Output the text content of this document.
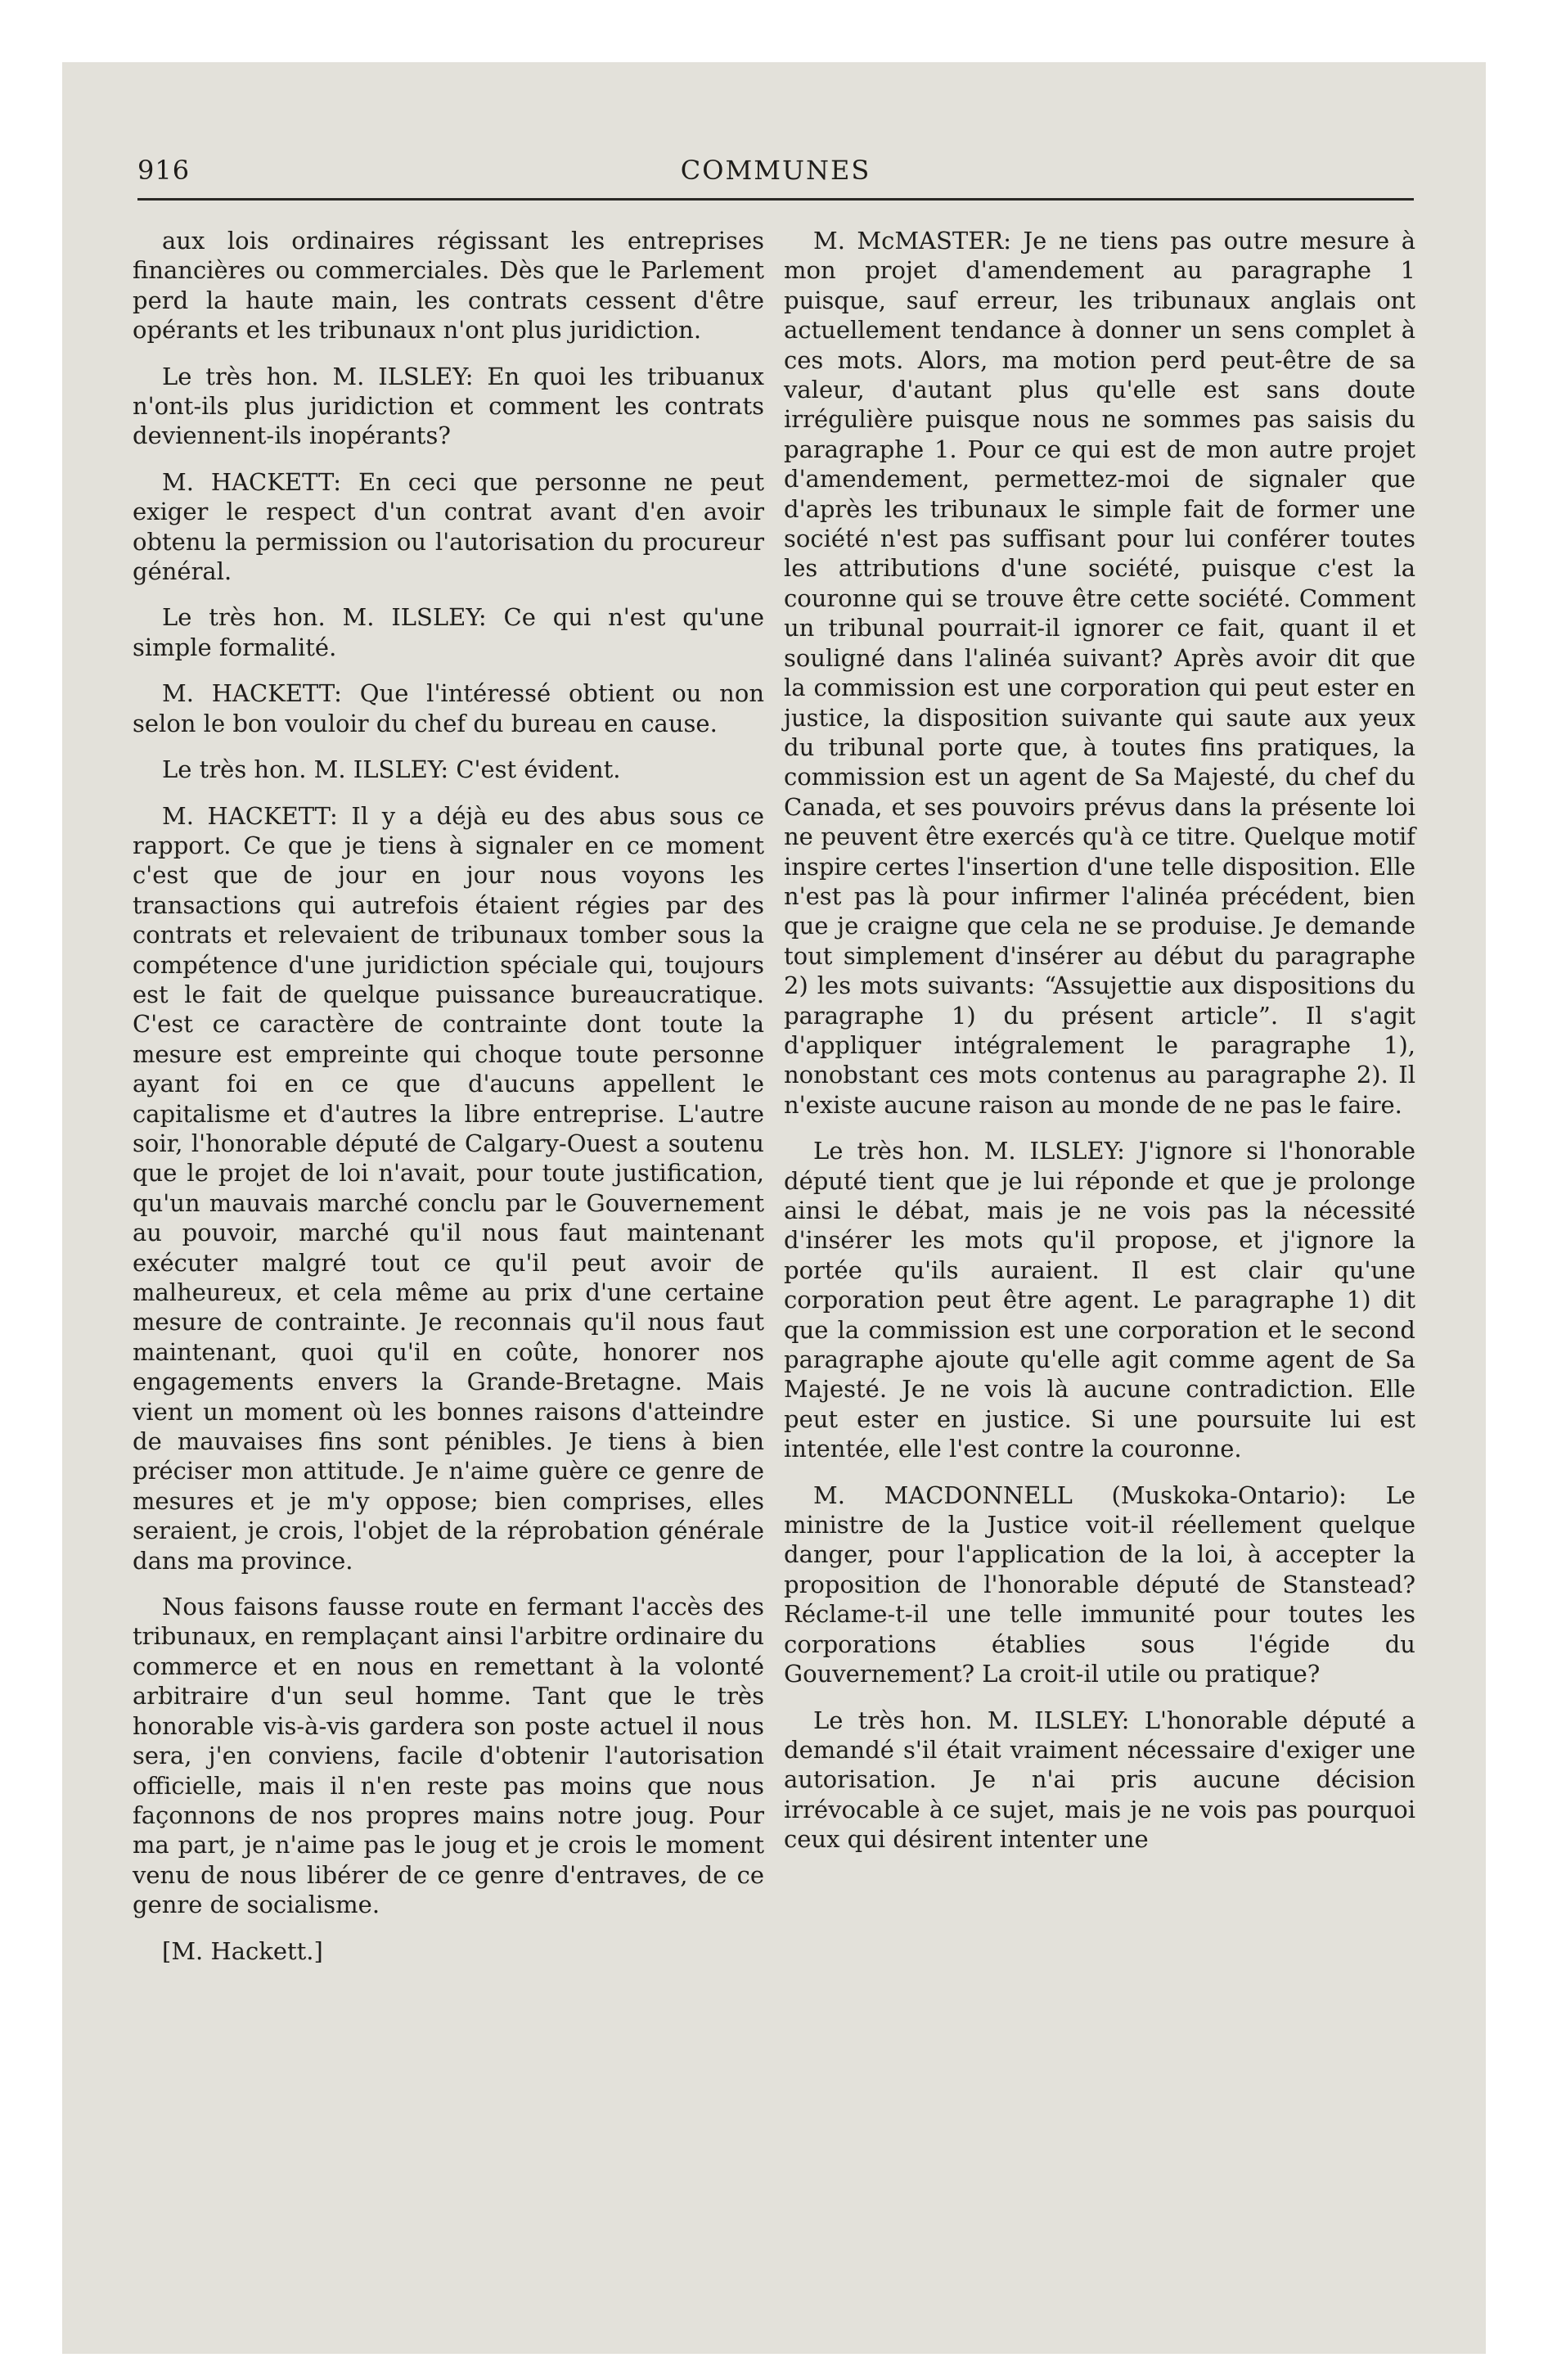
916	COMMUNES

aux lois ordinaires régissant les entreprises financières ou commerciales. Dès que le Parlement perd la haute main, les contrats cessent d'être opérants et les tribunaux n'ont plus juridiction.

Le très hon. M. ILSLEY: En quoi les tribuanux n'ont-ils plus juridiction et comment les contrats deviennent-ils inopérants?

M. HACKETT: En ceci que personne ne peut exiger le respect d'un contrat avant d'en avoir obtenu la permission ou l'autorisation du procureur général.

Le très hon. M. ILSLEY: Ce qui n'est qu'une simple formalité.

M. HACKETT: Que l'intéressé obtient ou non selon le bon vouloir du chef du bureau en cause.

Le très hon. M. ILSLEY: C'est évident.

M. HACKETT: Il y a déjà eu des abus sous ce rapport. Ce que je tiens à signaler en ce moment c'est que de jour en jour nous voyons les transactions qui autrefois étaient régies par des contrats et relevaient de tribunaux tomber sous la compétence d'une juridiction spéciale qui, toujours est le fait de quelque puissance bureaucratique. C'est ce caractère de contrainte dont toute la mesure est empreinte qui choque toute personne ayant foi en ce que d'aucuns appellent le capitalisme et d'autres la libre entreprise. L'autre soir, l'honorable député de Calgary-Ouest a soutenu que le projet de loi n'avait, pour toute justification, qu'un mauvais marché conclu par le Gouvernement au pouvoir, marché qu'il nous faut maintenant exécuter malgré tout ce qu'il peut avoir de malheureux, et cela même au prix d'une certaine mesure de contrainte. Je reconnais qu'il nous faut maintenant, quoi qu'il en coûte, honorer nos engagements envers la Grande-Bretagne. Mais vient un moment où les bonnes raisons d'atteindre de mauvaises fins sont pénibles. Je tiens à bien préciser mon attitude. Je n'aime guère ce genre de mesures et je m'y oppose; bien comprises, elles seraient, je crois, l'objet de la réprobation générale dans ma province.

Nous faisons fausse route en fermant l'accès des tribunaux, en remplaçant ainsi l'arbitre ordinaire du commerce et en nous en remettant à la volonté arbitraire d'un seul homme. Tant que le très honorable vis-à-vis gardera son poste actuel il nous sera, j'en conviens, facile d'obtenir l'autorisation officielle, mais il n'en reste pas moins que nous façonnons de nos propres mains notre joug. Pour ma part, je n'aime pas le joug et je crois le moment venu de nous libérer de ce genre d'entraves, de ce genre de socialisme.

[M. Hackett.]

M. McMASTER: Je ne tiens pas outre mesure à mon projet d'amendement au paragraphe 1 puisque, sauf erreur, les tribunaux anglais ont actuellement tendance à donner un sens complet à ces mots. Alors, ma motion perd peut-être de sa valeur, d'autant plus qu'elle est sans doute irrégulière puisque nous ne sommes pas saisis du paragraphe 1. Pour ce qui est de mon autre projet d'amendement, permettez-moi de signaler que d'après les tribunaux le simple fait de former une société n'est pas suffisant pour lui conférer toutes les attributions d'une société, puisque c'est la couronne qui se trouve être cette société. Comment un tribunal pourrait-il ignorer ce fait, quant il et souligné dans l'alinéa suivant? Après avoir dit que la commission est une corporation qui peut ester en justice, la disposition suivante qui saute aux yeux du tribunal porte que, à toutes fins pratiques, la commission est un agent de Sa Majesté, du chef du Canada, et ses pouvoirs prévus dans la présente loi ne peuvent être exercés qu'à ce titre. Quelque motif inspire certes l'insertion d'une telle disposition. Elle n'est pas là pour infirmer l'alinéa précédent, bien que je craigne que cela ne se produise. Je demande tout simplement d'insérer au début du paragraphe 2) les mots suivants: “Assujettie aux dispositions du paragraphe 1) du présent article”. Il s'agit d'appliquer intégralement le paragraphe 1), nonobstant ces mots contenus au paragraphe 2). Il n'existe aucune raison au monde de ne pas le faire.

Le très hon. M. ILSLEY: J'ignore si l'honorable député tient que je lui réponde et que je prolonge ainsi le débat, mais je ne vois pas la nécessité d'insérer les mots qu'il propose, et j'ignore la portée qu'ils auraient. Il est clair qu'une corporation peut être agent. Le paragraphe 1) dit que la commission est une corporation et le second paragraphe ajoute qu'elle agit comme agent de Sa Majesté. Je ne vois là aucune contradiction. Elle peut ester en justice. Si une poursuite lui est intentée, elle l'est contre la couronne.

M. MACDONNELL (Muskoka-Ontario): Le ministre de la Justice voit-il réellement quelque danger, pour l'application de la loi, à accepter la proposition de l'honorable député de Stanstead? Réclame-t-il une telle immunité pour toutes les corporations établies sous l'égide du Gouvernement? La croit-il utile ou pratique?

Le très hon. M. ILSLEY: L'honorable député a demandé s'il était vraiment nécessaire d'exiger une autorisation. Je n'ai pris aucune décision irrévocable à ce sujet, mais je ne vois pas pourquoi ceux qui désirent intenter une
